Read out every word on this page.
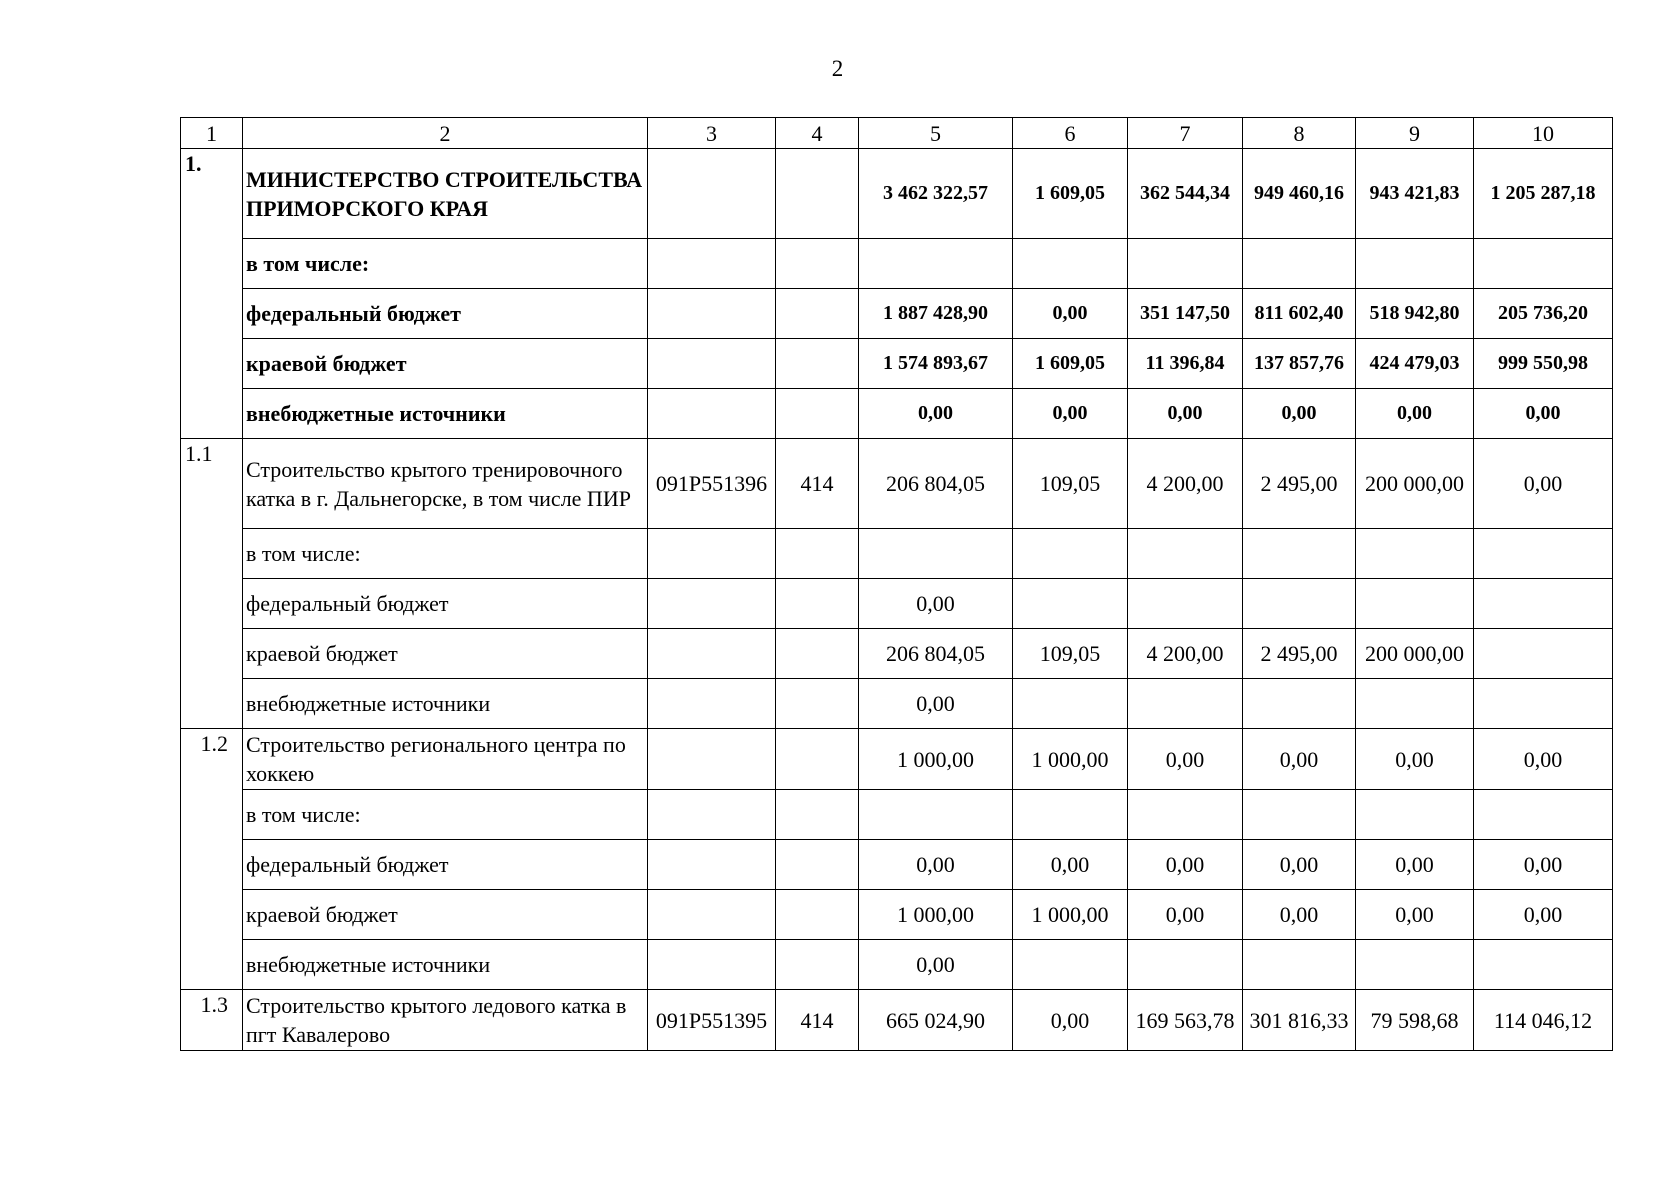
2
1	2	3	4	5	6	7	8	9	10
1.	МИНИСТЕРСТВО СТРОИТЕЛЬСТВА ПРИМОРСКОГО КРАЯ			3 462 322,57	1 609,05	362 544,34	949 460,16	943 421,83	1 205 287,18
	в том числе:								
	федеральный бюджет			1 887 428,90	0,00	351 147,50	811 602,40	518 942,80	205 736,20
	краевой бюджет			1 574 893,67	1 609,05	11 396,84	137 857,76	424 479,03	999 550,98
	внебюджетные источники			0,00	0,00	0,00	0,00	0,00	0,00
1.1	Строительство крытого тренировочного катка в г. Дальнегорске, в том числе ПИР	091P551396	414	206 804,05	109,05	4 200,00	2 495,00	200 000,00	0,00
	в том числе:								
	федеральный бюджет			0,00					
	краевой бюджет			206 804,05	109,05	4 200,00	2 495,00	200 000,00	
	внебюджетные источники			0,00					
1.2	Строительство регионального центра по хоккею			1 000,00	1 000,00	0,00	0,00	0,00	0,00
	в том числе:								
	федеральный бюджет			0,00	0,00	0,00	0,00	0,00	0,00
	краевой бюджет			1 000,00	1 000,00	0,00	0,00	0,00	0,00
	внебюджетные источники			0,00					
1.3	Строительство крытого ледового катка в пгт Кавалерово	091P551395	414	665 024,90	0,00	169 563,78	301 816,33	79 598,68	114 046,12
